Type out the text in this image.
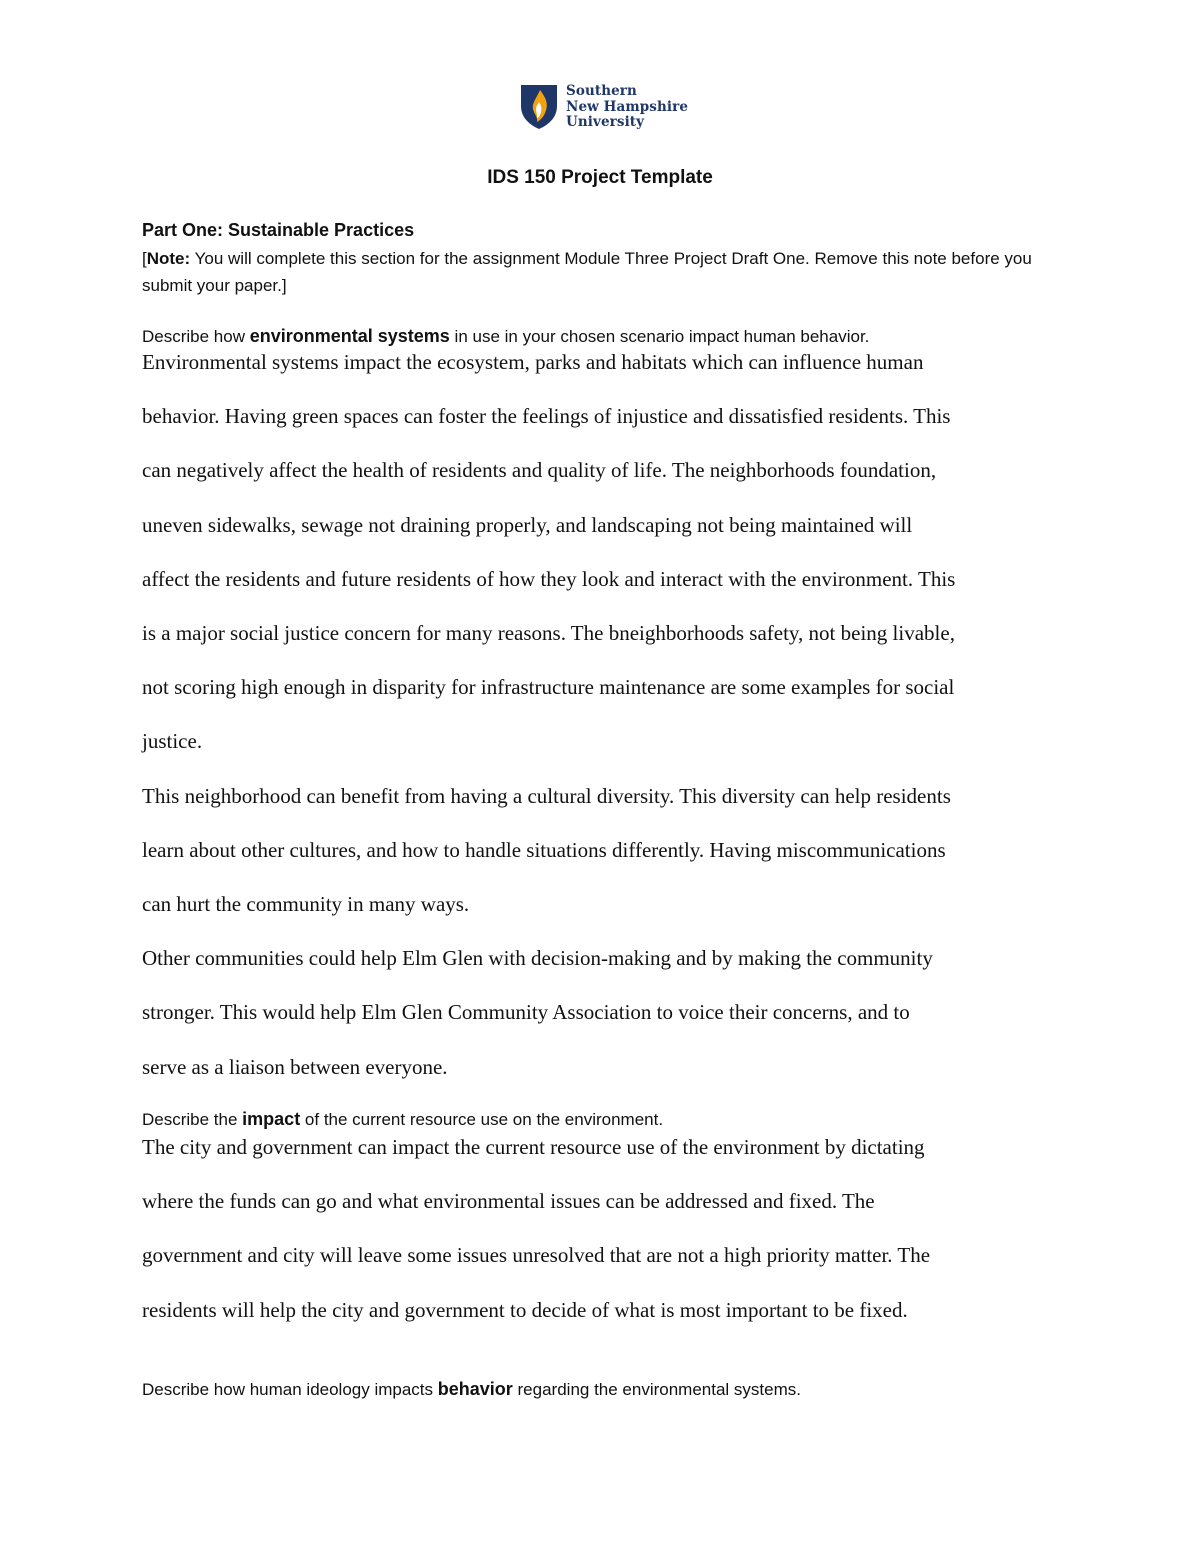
Southern
New Hampshire
University
IDS 150 Project Template
Part One: Sustainable Practices
[Note: You will complete this section for the assignment Module Three Project Draft One. Remove this note before you submit your paper.]
Describe how environmental systems in use in your chosen scenario impact human behavior.
Environmental systems impact the ecosystem, parks and habitats which can influence human
behavior. Having green spaces can foster the feelings of injustice and dissatisfied residents. This
can negatively affect the health of residents and quality of life. The neighborhoods foundation,
uneven sidewalks, sewage not draining properly, and landscaping not being maintained will
affect the residents and future residents of how they look and interact with the environment. This
is a major social justice concern for many reasons. The bneighborhoods safety, not being livable,
not scoring high enough in disparity for infrastructure maintenance are some examples for social
justice.
This neighborhood can benefit from having a cultural diversity. This diversity can help residents
learn about other cultures, and how to handle situations differently. Having miscommunications
can hurt the community in many ways.
Other communities could help Elm Glen with decision-making and by making the community
stronger. This would help Elm Glen Community Association to voice their concerns, and to
serve as a liaison between everyone.
Describe the impact of the current resource use on the environment.
The city and government can impact the current resource use of the environment by dictating
where the funds can go and what environmental issues can be addressed and fixed. The
government and city will leave some issues unresolved that are not a high priority matter. The
residents will help the city and government to decide of what is most important to be fixed.
Describe how human ideology impacts behavior regarding the environmental systems.
